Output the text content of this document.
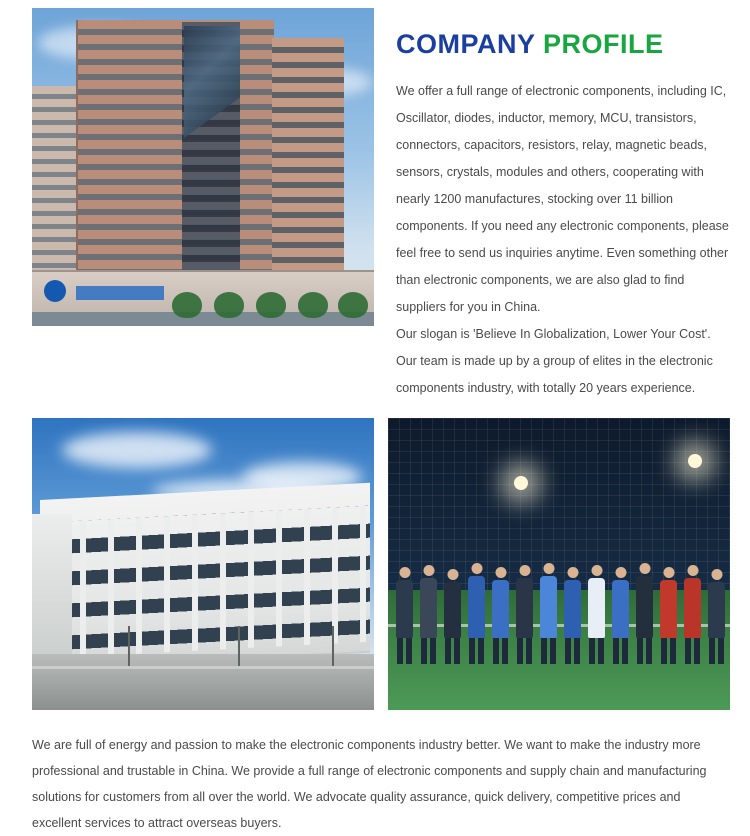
COMPANY PROFILE

We offer a full range of electronic components, including IC, Oscillator, diodes, inductor, memory, MCU, transistors, connectors, capacitors, resistors, relay, magnetic beads, sensors, crystals, modules and others, cooperating with nearly 1200 manufactures, stocking over 11 billion components. If you need any electronic components, please feel free to send us inquiries anytime. Even something other than electronic components, we are also glad to find suppliers for you in China.

Our slogan is 'Believe In Globalization, Lower Your Cost'. Our team is made up by a group of elites in the electronic components industry, with totally 20 years experience.

We are full of energy and passion to make the electronic components industry better. We want to make the industry more professional and trustable in China. We provide a full range of electronic components and supply chain and manufacturing solutions for customers from all over the world. We advocate quality assurance, quick delivery, competitive prices and excellent services to attract overseas buyers.
